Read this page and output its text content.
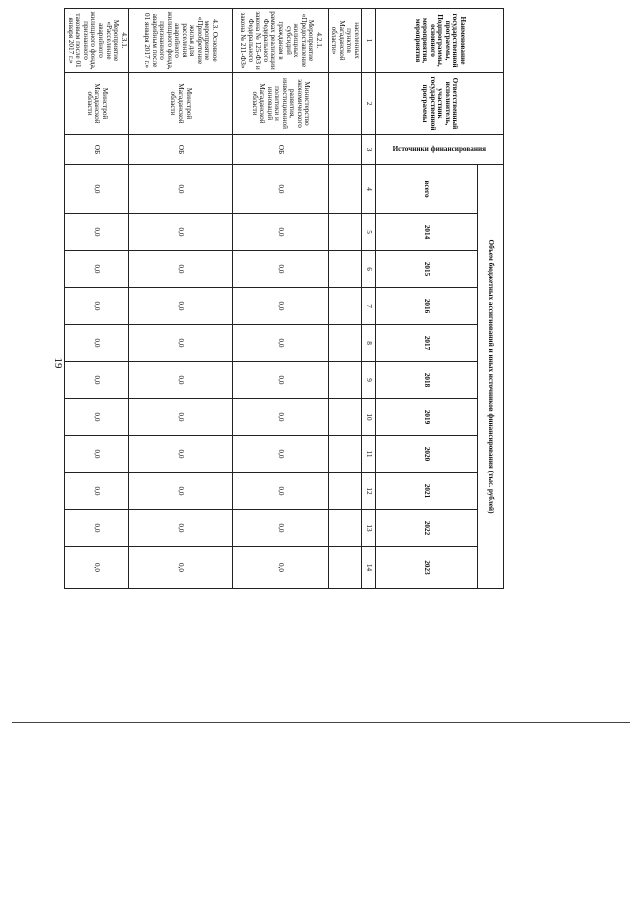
19
Наименование государственной программы, Подпрограммы, основного мероприятия, мероприятия	Ответственный исполнитель, участник государственной программы	Источники финансирования	Объем бюджетных ассигнований и иных источников финансирования (тыс. рублей)										
			всего	2014	2015	2016	2017	2018	2019	2020	2021	2022	2023
1	2	3	4	5	6	7	8	9	10	11	12	13	14
населенных пунктов Магаданской области»													
4.2.1. Мероприятие «Предоставление жилищных субсидий гражданам в рамках реализации Федерального закона № 125-ФЗ и Федерального закона № 211-ФЗ»	Министерство экономического развития, инвестиционной политики и инноваций Магаданской области	ОБ	0,0	0,0	0,0	0,0	0,0	0,0	0,0	0,0	0,0	0,0	0,0
4.3. Основное мероприятие «Приобретение жилья для расселения аварийного жилищного фонда, признанного аварийным после 01 января 2017 г.»	Минстрой Магаданской области	ОБ	0,0	0,0	0,0	0,0	0,0	0,0	0,0	0,0	0,0	0,0	0,0
4.3.1. Мероприятие «Расселение аварийного жилищного фонда, признанного таковым после 01 января 2017 г.»	Минстрой Магаданской области	ОБ	0,0	0,0	0,0	0,0	0,0	0,0	0,0	0,0	0,0	0,0	0,0
